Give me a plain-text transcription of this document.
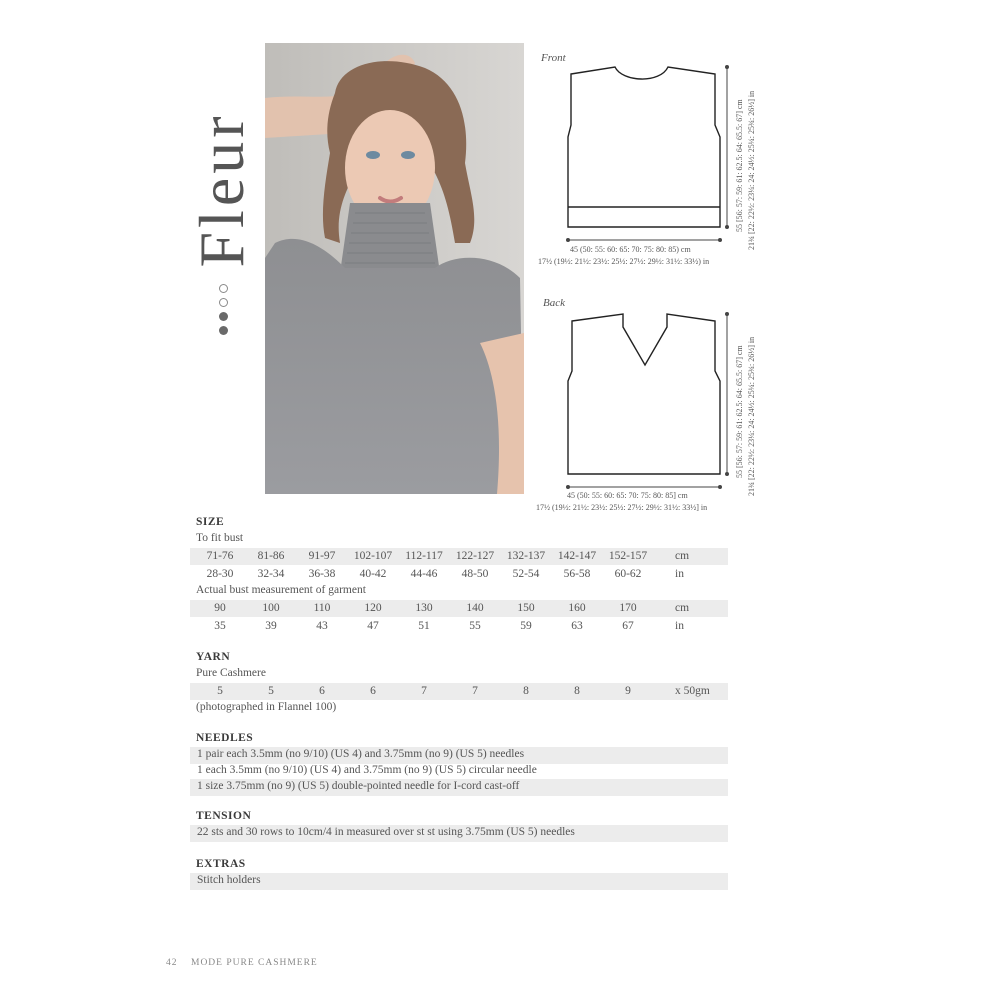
Fleur
Front
45 (50: 55: 60: 65: 70: 75: 80: 85) cm
17½ (19½: 21½: 23½: 25½: 27½: 29½: 31½: 33½) in
55 [56: 57: 59: 61: 62.5: 64: 65.5: 67] cm 21¾ [22: 22½: 23¼: 24: 24½: 25¼: 25¾: 26½] in
Back
45 (50: 55: 60: 65: 70: 75: 80: 85] cm
17½ (19½: 21½: 23½: 25½: 27½: 29½: 31½: 33½] in
55 [56: 57: 59: 61: 62.5: 64: 65.5: 67] cm 21¾ [22: 22½: 23¼: 24: 24½: 25¼: 25¾: 26½] in
SIZE
To fit bust
71-76	81-86	91-97	102-107	112-117	122-127	132-137	142-147	152-157	cm
28-30	32-34	36-38	40-42	44-46	48-50	52-54	56-58	60-62	in
Actual bust measurement of garment
90	100	110	120	130	140	150	160	170	cm
35	39	43	47	51	55	59	63	67	in
YARN
Pure Cashmere
5	5	6	6	7	7	8	8	9	x 50gm
(photographed in Flannel 100)
NEEDLES
1 pair each 3.5mm (no 9/10) (US 4) and 3.75mm (no 9) (US 5) needles
1 each 3.5mm (no 9/10) (US 4) and 3.75mm (no 9) (US 5) circular needle
1 size 3.75mm (no 9) (US 5) double-pointed needle for I-cord cast-off
TENSION
22 sts and 30 rows to 10cm/4 in measured over st st using 3.75mm (US 5) needles
EXTRAS
Stitch holders
42    MODE PURE CASHMERE
